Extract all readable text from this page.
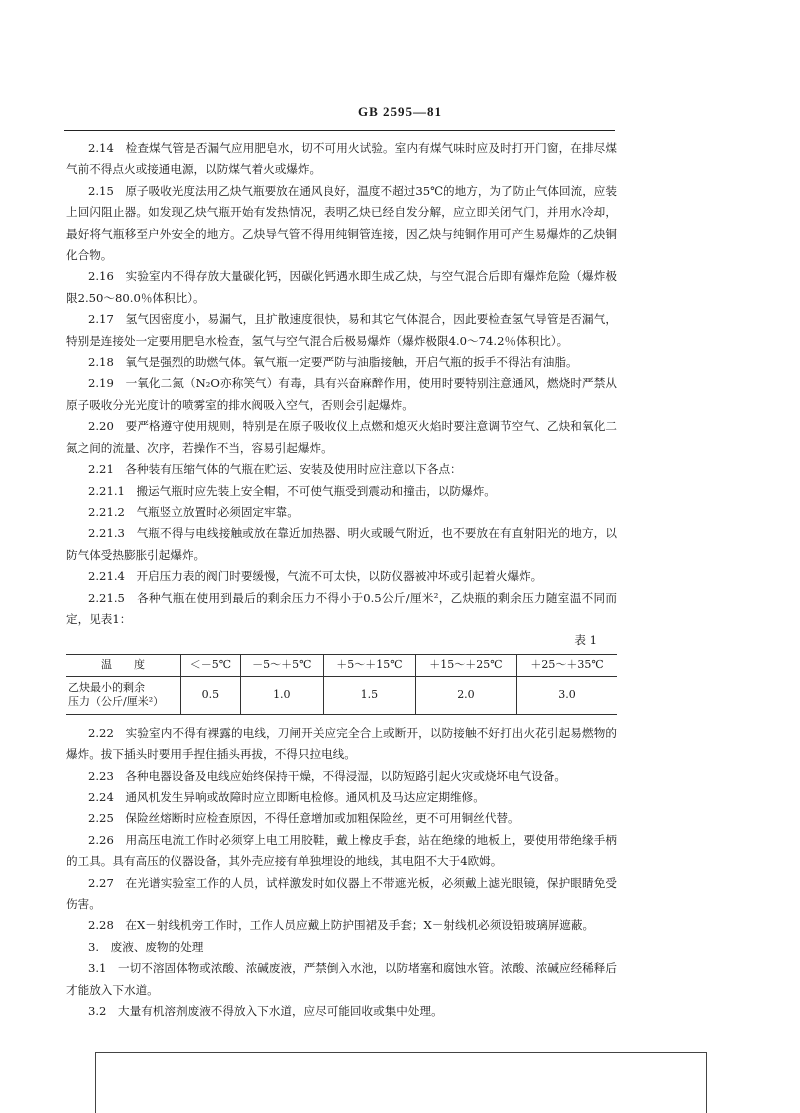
GB 2595—81

2.14　检查煤气管是否漏气应用肥皂水，切不可用火试验。室内有煤气味时应及时打开门窗，在排尽煤气前不得点火或接通电源，以防煤气着火或爆炸。

2.15　原子吸收光度法用乙炔气瓶要放在通风良好，温度不超过35℃的地方，为了防止气体回流，应装上回闪阻止器。如发现乙炔气瓶开始有发热情况，表明乙炔已经自发分解，应立即关闭气门，并用水冷却，最好将气瓶移至户外安全的地方。乙炔导气管不得用纯铜管连接，因乙炔与纯铜作用可产生易爆炸的乙炔铜化合物。

2.16　实验室内不得存放大量碳化钙，因碳化钙遇水即生成乙炔，与空气混合后即有爆炸危险（爆炸极限2.50～80.0％体积比）。

2.17　氢气因密度小，易漏气，且扩散速度很快，易和其它气体混合，因此要检查氢气导管是否漏气，特别是连接处一定要用肥皂水检查，氢气与空气混合后极易爆炸（爆炸极限4.0～74.2％体积比）。

2.18　氧气是强烈的助燃气体。氧气瓶一定要严防与油脂接触，开启气瓶的扳手不得沾有油脂。

2.19　一氧化二氮（N₂O亦称笑气）有毒，具有兴奋麻醉作用，使用时要特别注意通风，燃烧时严禁从原子吸收分光光度计的喷雾室的排水阀吸入空气，否则会引起爆炸。

2.20　要严格遵守使用规则，特别是在原子吸收仪上点燃和熄灭火焰时要注意调节空气、乙炔和氧化二氮之间的流量、次序，若操作不当，容易引起爆炸。

2.21　各种装有压缩气体的气瓶在贮运、安装及使用时应注意以下各点：

2.21.1　搬运气瓶时应先装上安全帽，不可使气瓶受到震动和撞击，以防爆炸。

2.21.2　气瓶竖立放置时必须固定牢靠。

2.21.3　气瓶不得与电线接触或放在靠近加热器、明火或暖气附近，也不要放在有直射阳光的地方，以防气体受热膨胀引起爆炸。

2.21.4　开启压力表的阀门时要缓慢，气流不可太快，以防仪器被冲坏或引起着火爆炸。

2.21.5　各种气瓶在使用到最后的剩余压力不得小于0.5公斤/厘米²，乙炔瓶的剩余压力随室温不同而定，见表1：

表 1
温　　度	＜－5℃	－5～＋5℃	＋5～＋15℃	＋15～＋25℃	＋25～＋35℃
乙炔最小的剩余
压力（公斤/厘米²）	0.5	1.0	1.5	2.0	3.0

2.22　实验室内不得有裸露的电线，刀闸开关应完全合上或断开，以防接触不好打出火花引起易燃物的爆炸。拔下插头时要用手捏住插头再拔，不得只拉电线。

2.23　各种电器设备及电线应始终保持干燥，不得浸湿，以防短路引起火灾或烧坏电气设备。

2.24　通风机发生异响或故障时应立即断电检修。通风机及马达应定期维修。

2.25　保险丝熔断时应检查原因，不得任意增加或加粗保险丝，更不可用铜丝代替。

2.26　用高压电流工作时必须穿上电工用胶鞋，戴上橡皮手套，站在绝缘的地板上，要使用带绝缘手柄的工具。具有高压的仪器设备，其外壳应接有单独埋设的地线，其电阻不大于4欧姆。

2.27　在光谱实验室工作的人员，试样激发时如仪器上不带遮光板，必须戴上滤光眼镜，保护眼睛免受伤害。

2.28　在X－射线机旁工作时，工作人员应戴上防护围裙及手套；X－射线机必须设铅玻璃屏遮蔽。

3.　废液、废物的处理

3.1　一切不溶固体物或浓酸、浓碱废液，严禁倒入水池，以防堵塞和腐蚀水管。浓酸、浓碱应经稀释后才能放入下水道。

3.2　大量有机溶剂废液不得放入下水道，应尽可能回收或集中处理。
